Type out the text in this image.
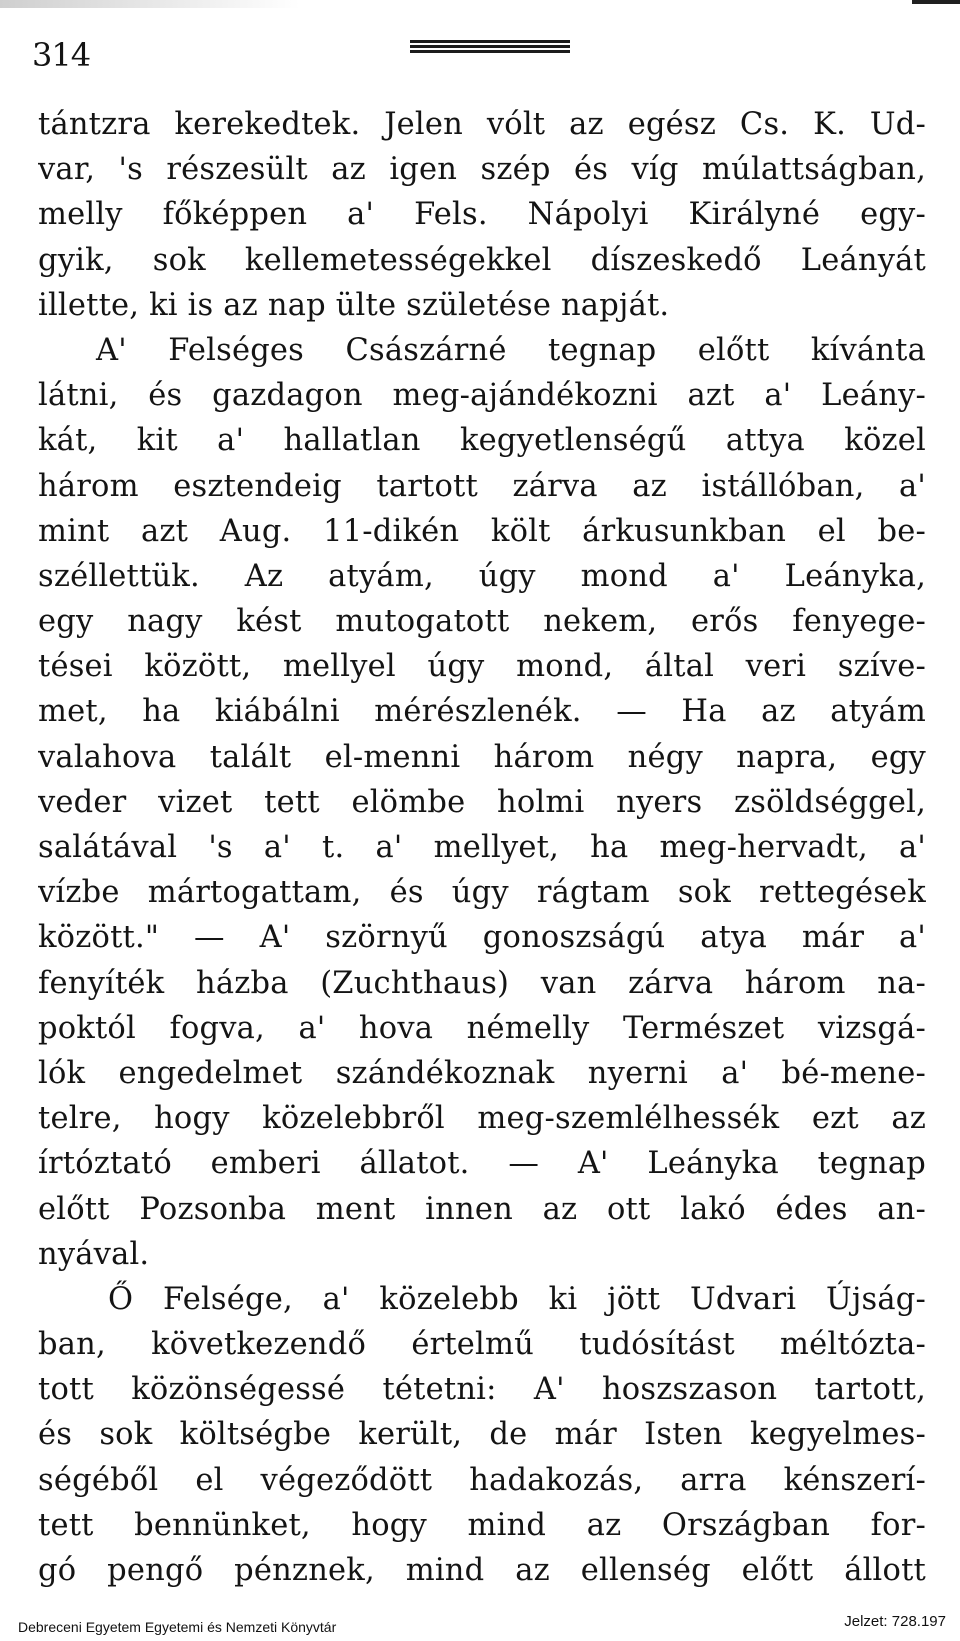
314
tántzra kerekedtek. Jelen vólt az egész Cs. K. Ud-
var, 's részesült az igen szép és víg múlattságban,
melly főképpen a' Fels. Nápolyi Királyné egy-
gyik, sok kellemetességekkel díszeskedő Leányát
illette, ki is az nap ülte születése napját.
A' Felséges Császárné tegnap előtt kívánta
látni, és gazdagon meg-ajándékozni azt a' Leány-
kát, kit a' hallatlan kegyetlenségű attya közel
három esztendeig tartott zárva az istállóban, a'
mint azt Aug. 11-dikén költ árkusunkban el be-
széllettük. Az atyám, úgy mond a' Leányka,
egy nagy kést mutogatott nekem, erős fenyege-
tései között, mellyel úgy mond, által veri szíve-
met, ha kiábálni mérészlenék. — Ha az atyám
valahova talált el-menni három négy napra, egy
veder vizet tett elömbe holmi nyers zsöldséggel,
salátával 's a' t. a' mellyet, ha meg-hervadt, a'
vízbe mártogattam, és úgy rágtam sok rettegések
között." — A' szörnyű gonoszságú atya már a'
fenyíték házba (Zuchthaus) van zárva három na-
poktól fogva, a' hova némelly Természet vizsgá-
lók engedelmet szándékoznak nyerni a' bé-mene-
telre, hogy közelebbről meg-szemlélhessék ezt az
írtóztató emberi állatot. — A' Leányka tegnap
előtt Pozsonba ment innen az ott lakó édes an-
nyával.
Ő Felsége, a' közelebb ki jött Udvari Újság-
ban, következendő értelmű tudósítást méltózta-
tott közönségessé tétetni: A' hoszszason tartott,
és sok költségbe került, de már Isten kegyelmes-
ségéből el végeződött hadakozás, arra kénszerí-
tett bennünket, hogy mind az Országban for-
gó pengő pénznek, mind az ellenség előtt állott
Debreceni Egyetem Egyetemi és Nemzeti Könyvtár	Jelzet: 728.197
